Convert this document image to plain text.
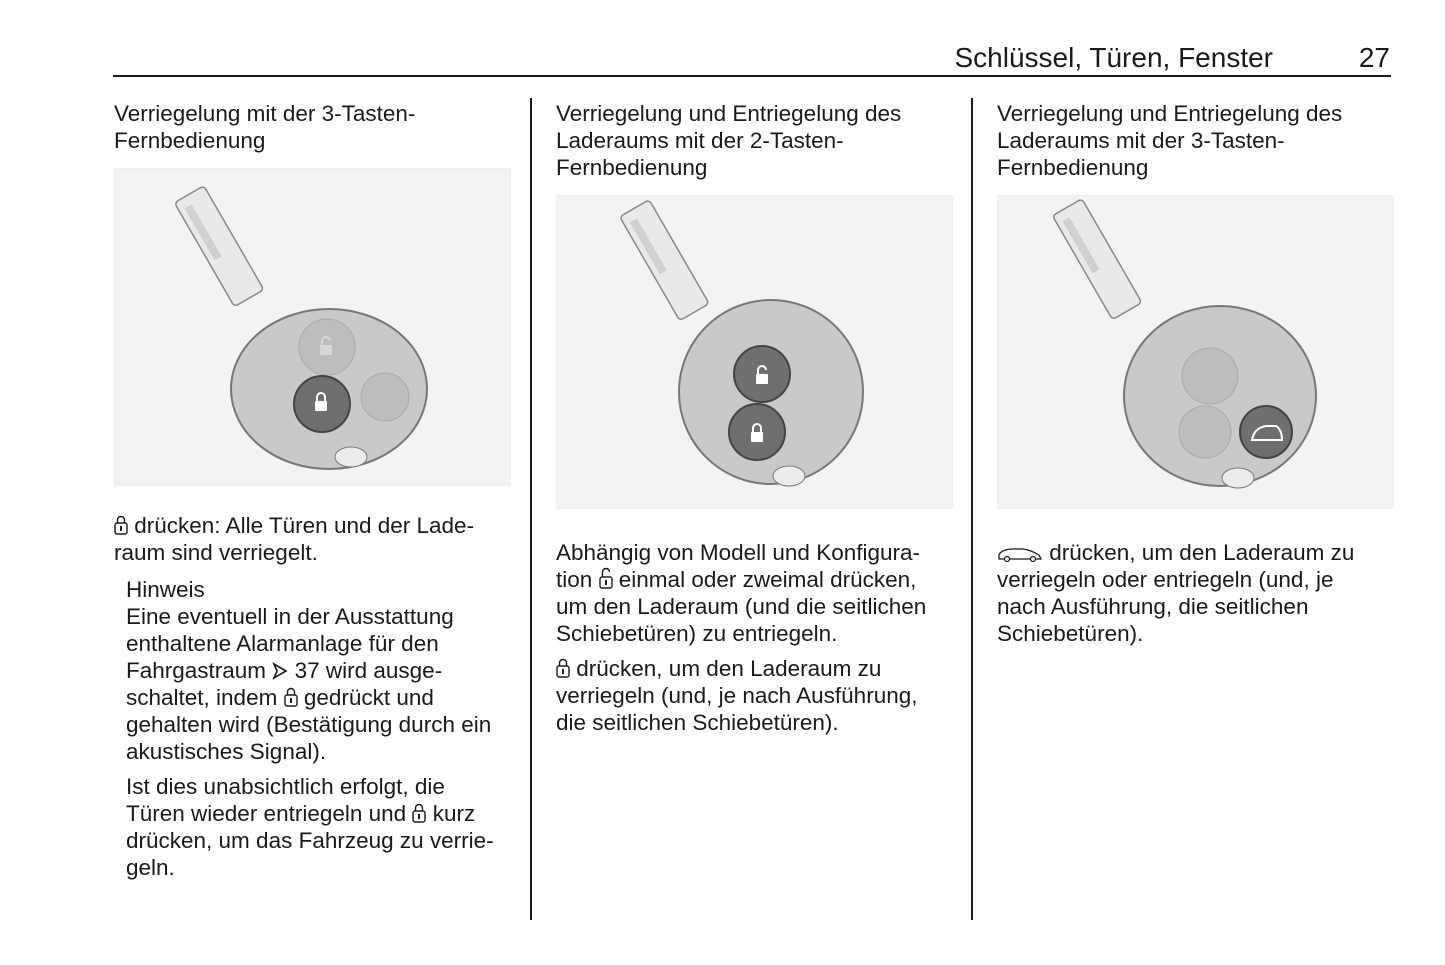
Schlüssel, Türen, Fenster	27

Verriegelung mit der 3-Tasten-
Fernbedienung

drücken: Alle Türen und der Lade-
raum sind verriegelt.

Hinweis

Eine eventuell in der Ausstattung
enthaltene Alarmanlage für den
Fahrgastraum  37 wird ausge-
schaltet, indem  gedrückt und
gehalten wird (Bestätigung durch ein
akustisches Signal).

Ist dies unabsichtlich erfolgt, die
Türen wieder entriegeln und  kurz
drücken, um das Fahrzeug zu verrie-
geln.

Verriegelung und Entriegelung des
Laderaums mit der 2-Tasten-
Fernbedienung

Abhängig von Modell und Konfigura-
tion  einmal oder zweimal drücken,
um den Laderaum (und die seitlichen
Schiebetüren) zu entriegeln.

drücken, um den Laderaum zu
verriegeln (und, je nach Ausführung,
die seitlichen Schiebetüren).

Verriegelung und Entriegelung des
Laderaums mit der 3-Tasten-
Fernbedienung

drücken, um den Laderaum zu
verriegeln oder entriegeln (und, je
nach Ausführung, die seitlichen
Schiebetüren).
